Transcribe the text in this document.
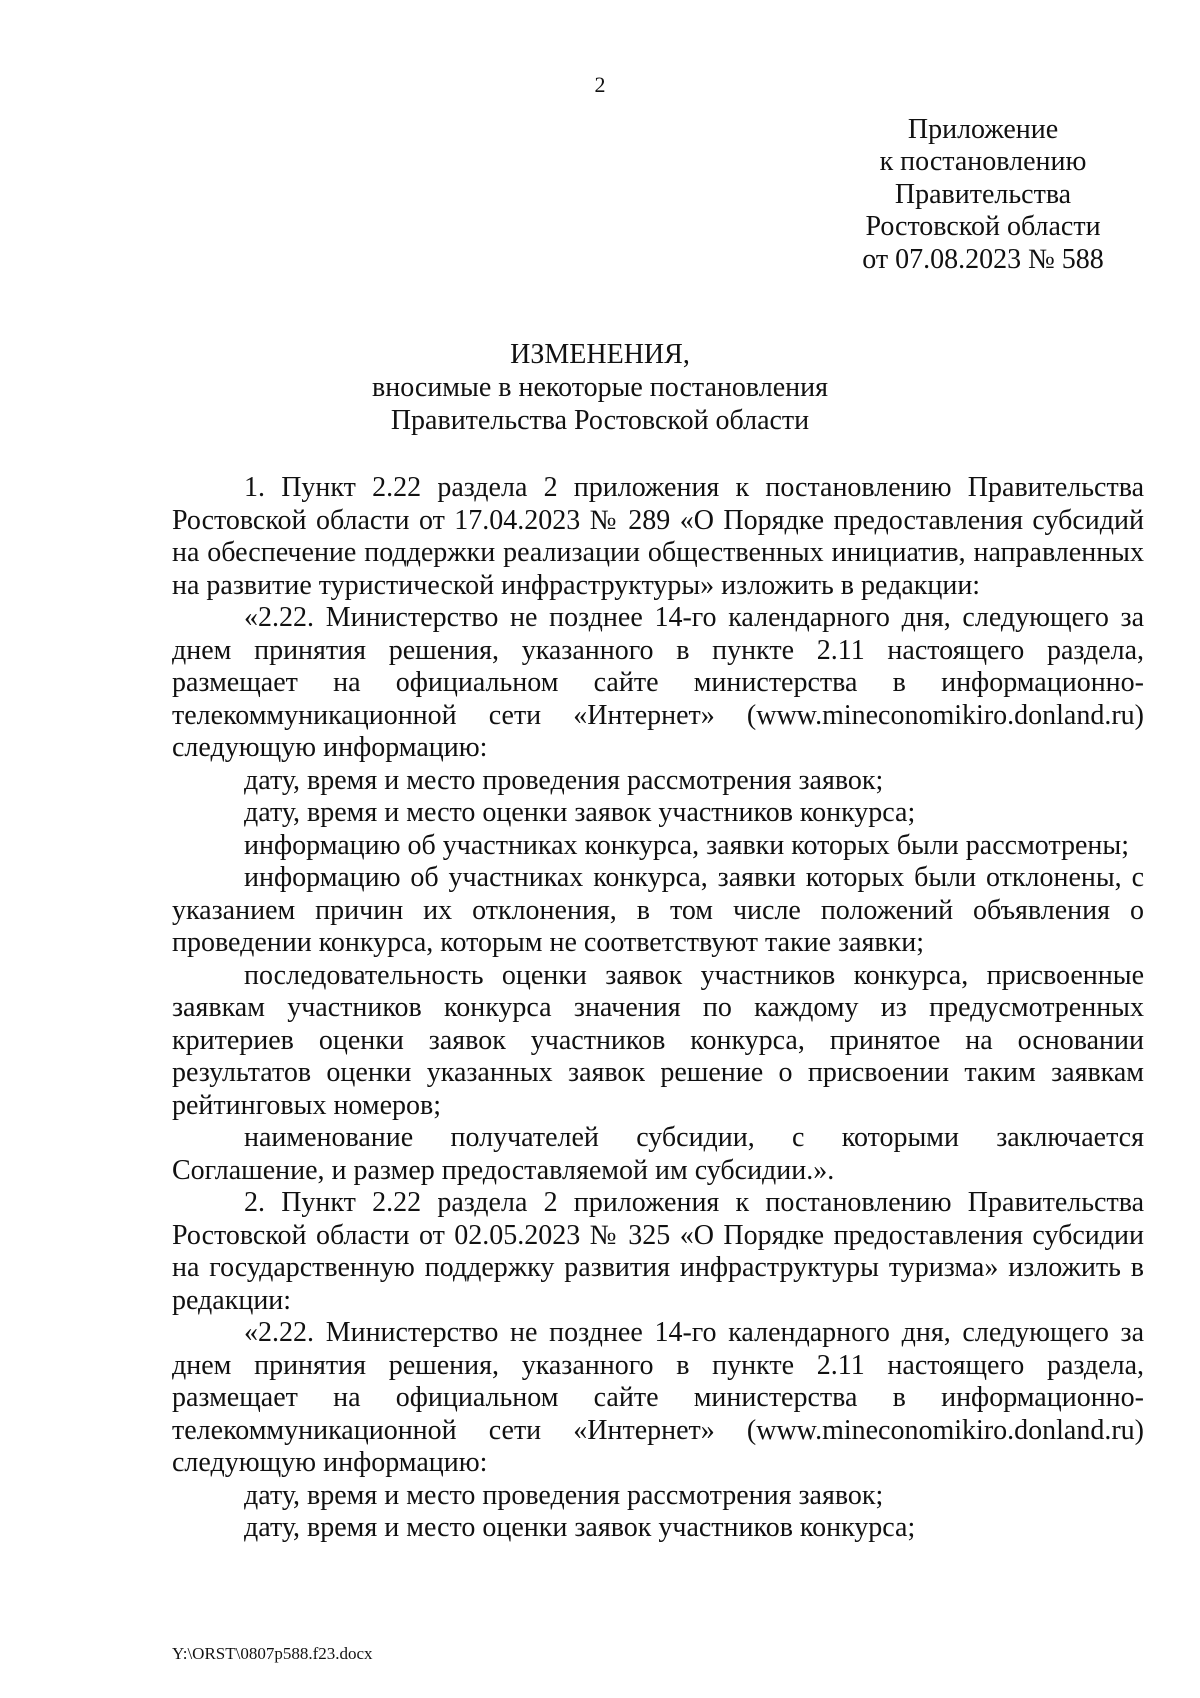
2
Приложение
к постановлению
Правительства
Ростовской области
от 07.08.2023 № 588
ИЗМЕНЕНИЯ,
вносимые в некоторые постановления
Правительства Ростовской области

1. Пункт 2.22 раздела 2 приложения к постановлению Правительства Ростовской области от 17.04.2023 № 289 «О Порядке предоставления субсидий на обеспечение поддержки реализации общественных инициатив, направленных на развитие туристической инфраструктуры» изложить в редакции:

«2.22. Министерство не позднее 14-го календарного дня, следующего за днем принятия решения, указанного в пункте 2.11 настоящего раздела, размещает на официальном сайте министерства в информационно-телекоммуникационной сети «Интернет» (www.mineconomikiro.donland.ru) следующую информацию:

дату, время и место проведения рассмотрения заявок;

дату, время и место оценки заявок участников конкурса;

информацию об участниках конкурса, заявки которых были рассмотрены;

информацию об участниках конкурса, заявки которых были отклонены, с указанием причин их отклонения, в том числе положений объявления о проведении конкурса, которым не соответствуют такие заявки;

последовательность оценки заявок участников конкурса, присвоенные заявкам участников конкурса значения по каждому из предусмотренных критериев оценки заявок участников конкурса, принятое на основании результатов оценки указанных заявок решение о присвоении таким заявкам рейтинговых номеров;

наименование получателей субсидии, с которыми заключается Соглашение, и размер предоставляемой им субсидии.».

2. Пункт 2.22 раздела 2 приложения к постановлению Правительства Ростовской области от 02.05.2023 № 325 «О Порядке предоставления субсидии на государственную поддержку развития инфраструктуры туризма» изложить в редакции:

«2.22. Министерство не позднее 14-го календарного дня, следующего за днем принятия решения, указанного в пункте 2.11 настоящего раздела, размещает на официальном сайте министерства в информационно-телекоммуникационной сети «Интернет» (www.mineconomikiro.donland.ru) следующую информацию:

дату, время и место проведения рассмотрения заявок;

дату, время и место оценки заявок участников конкурса;

Y:\ORST\0807p588.f23.docx
